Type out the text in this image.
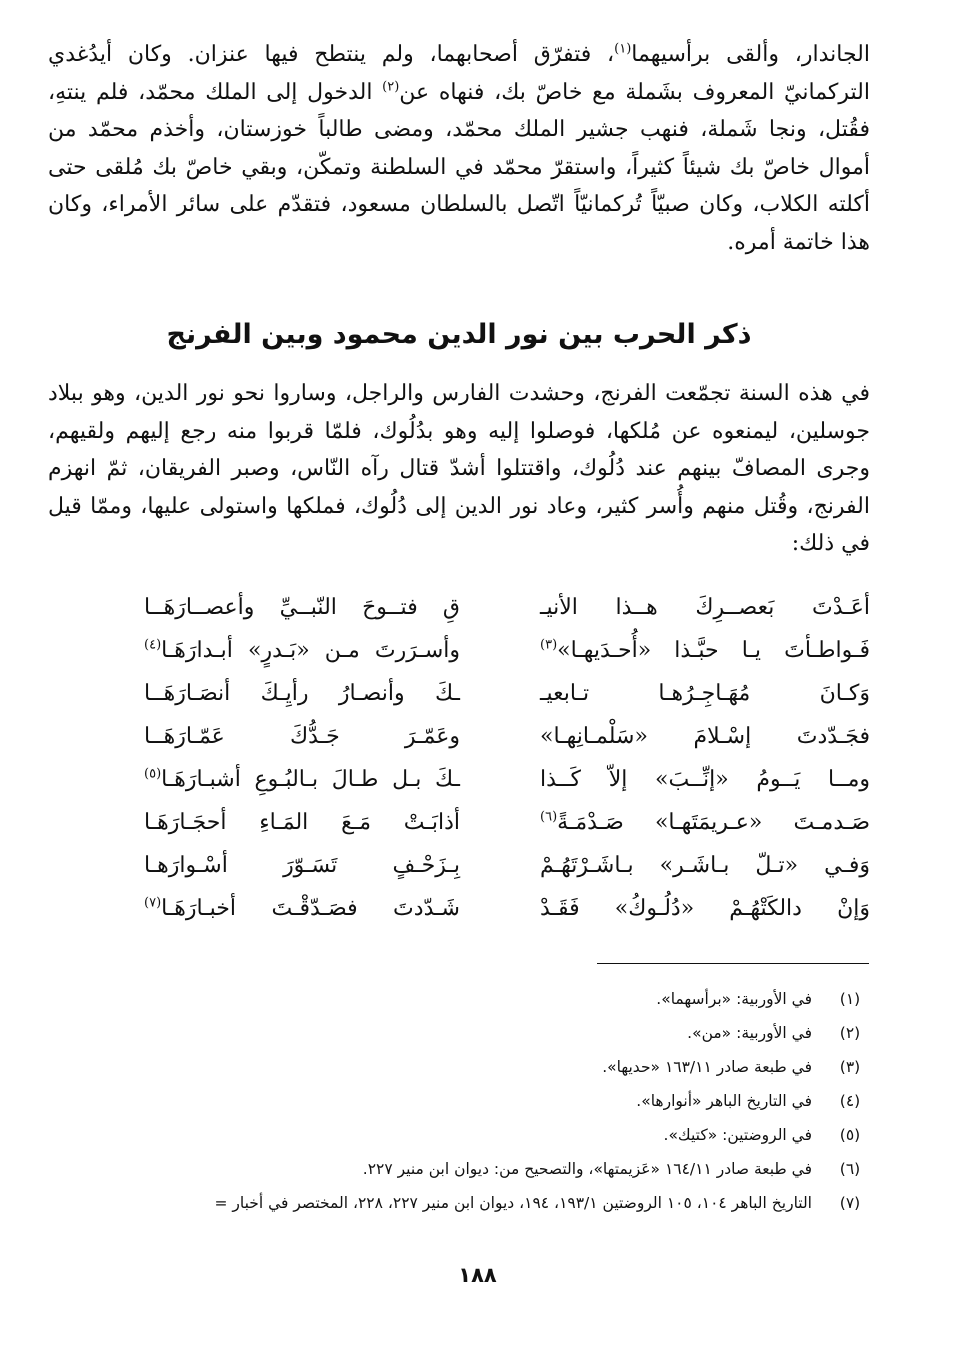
الجاندار، وألقى برأسيهما$^{(١)}$، فتفرّق أصحابهما، ولم ينتطح فيها عنزان. وكان أيدُغدي التركمانيّ المعروف بشَملة مع خاصّ بك، فنهاه عن$^{(٢)}$ الدخول إلى الملك محمّد، فلم ينتهِ، فقُتل، ونجا شَملة، فنهب جشير الملك محمّد، ومضى طالباً خوزستان، وأخذم محمّد من أموال خاصّ بك شيئاً كثيراً، واستقرّ محمّد في السلطنة وتمكّن، وبقي خاصّ بك مُلقى حتى أكلته الكلاب، وكان صبيّاً تُركمانيّاً اتّصل بالسلطان مسعود، فتقدّم على سائر الأمراء، وكان هذا خاتمة أمره.

ذكر الحرب بين نور الدين محمود وبين الفرنج

في هذه السنة تجمّعت الفرنج، وحشدت الفارس والراجل، وساروا نحو نور الدين، وهو ببلاد جوسلين، ليمنعوه عن مُلكها، فوصلوا إليه وهو بدُلُوك، فلمّا قربوا منه رجع إليهم ولقيهم، وجرى المصافّ بينهم عند دُلُوك، واقتتلوا أشدّ قتال رآه النّاس، وصبر الفريقان، ثمّ انهزم الفرنج، وقُتل منهم وأُسر كثير، وعاد نور الدين إلى دُلُوك، فملكها واستولى عليها، وممّا قيل في ذلك:

أعَـدْتَ بَعصــرِكَ هــذا الأنيـ
قِ فتــوحَ النّبــيِّ وأعصــارَهَــا
فَـواطـأتَ يـا حبَّـذا «أُحـدَيهـا»$^{(٣)}$
وأسـرَرتَ مـن «بَـدرٍ» أبـدارَهَـا$^{(٤)}$
وَكـانَ مُهَـاجِـرُهـا تـابعيـ
ـكَ وأنصـارُ رأيِـكَ أنصَـارَهَــا
فجَـدّدتَ إسْـلامَ «سَلْمـانِهـا»
وعَمّـرَ جَـدُّكَ عَمّـارَهَــا
ومــا يَــومُ «إنِّــبَ» إلاّ كَــذا
ـكَ بـل طـالَ بـالبُـوعِ أشبـارَهَـا$^{(٥)}$
صَـدمـتَ «عـريمَتَهـا» صَـدْمَـةً$^{(٦)}$
أذابَـتْ مَـعَ المَـاءِ أحجَـارَهَـا
وَفـي «تـلّ بـاشَـر» بـاشَـرْتَهُـمْ
بِـزَحْـفٍ تَسَـوّرَ أسْـوارَهـا
وَإنْ دالكَتْهُـمْ «دُلُـوكُ» فَقَـدْ
شَـدّدتَ فصَـدّقْـتَ أخبـارَهَـا$^{(٧)}$
(١)
في الأوربية: «برأسهما».
(٢)
في الأوربية: «من».
(٣)
في طبعة صادر ١٦٣/١١ «حديها».
(٤)
في التاريخ الباهر «أنوارها».
(٥)
في الروضتين: «كتيك».
(٦)
في طبعة صادر ١٦٤/١١ «عَزيمتها»، والتصحيح من: ديوان ابن منير ٢٢٧.
(٧)
التاريخ الباهر ١٠٤، ١٠٥ الروضتين ١٩٣/١، ١٩٤، ديوان ابن منير ٢٢٧، ٢٢٨، المختصر في أخبار =
١٨٨
